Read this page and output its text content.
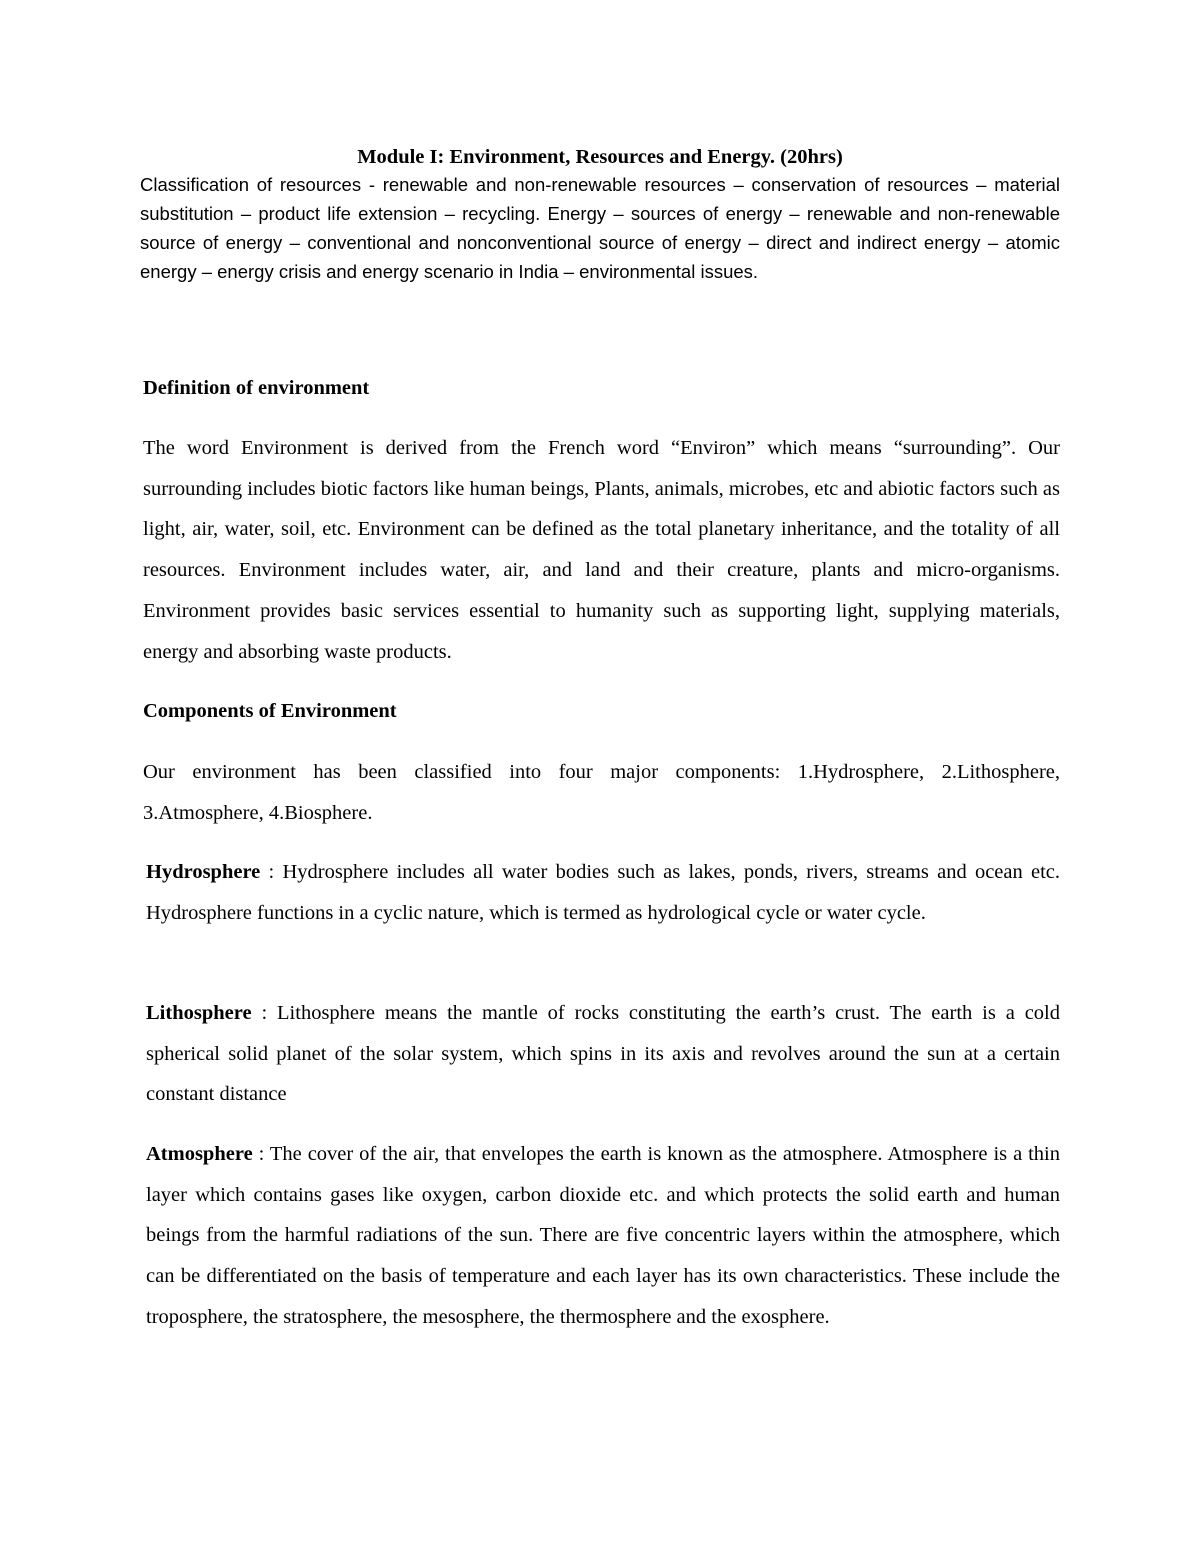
Module I: Environment, Resources and Energy. (20hrs)

Classification of resources - renewable and non-renewable resources – conservation of resources – material substitution – product life extension – recycling. Energy – sources of energy – renewable and non-renewable source of energy – conventional and nonconventional source of energy – direct and indirect energy – atomic energy – energy crisis and energy scenario in India – environmental issues.

Definition of environment

The word Environment is derived from the French word “Environ” which means “surrounding”. Our surrounding includes biotic factors like human beings, Plants, animals, microbes, etc and abiotic factors such as light, air, water, soil, etc. Environment can be defined as the total planetary inheritance, and the totality of all resources. Environment includes water, air, and land and their creature, plants and micro-organisms. Environment provides basic services essential to humanity such as supporting light, supplying materials, energy and absorbing waste products.

Components of Environment

Our environment has been classified into four major components: 1.Hydrosphere, 2.Lithosphere, 3.Atmosphere, 4.Biosphere.

Hydrosphere : Hydrosphere includes all water bodies such as lakes, ponds, rivers, streams and ocean etc. Hydrosphere functions in a cyclic nature, which is termed as hydrological cycle or water cycle.

Lithosphere : Lithosphere means the mantle of rocks constituting the earth’s crust. The earth is a cold spherical solid planet of the solar system, which spins in its axis and revolves around the sun at a certain constant distance

Atmosphere : The cover of the air, that envelopes the earth is known as the atmosphere. Atmosphere is a thin layer which contains gases like oxygen, carbon dioxide etc. and which protects the solid earth and human beings from the harmful radiations of the sun. There are five concentric layers within the atmosphere, which can be differentiated on the basis of temperature and each layer has its own characteristics. These include the troposphere, the stratosphere, the mesosphere, the thermosphere and the exosphere.
